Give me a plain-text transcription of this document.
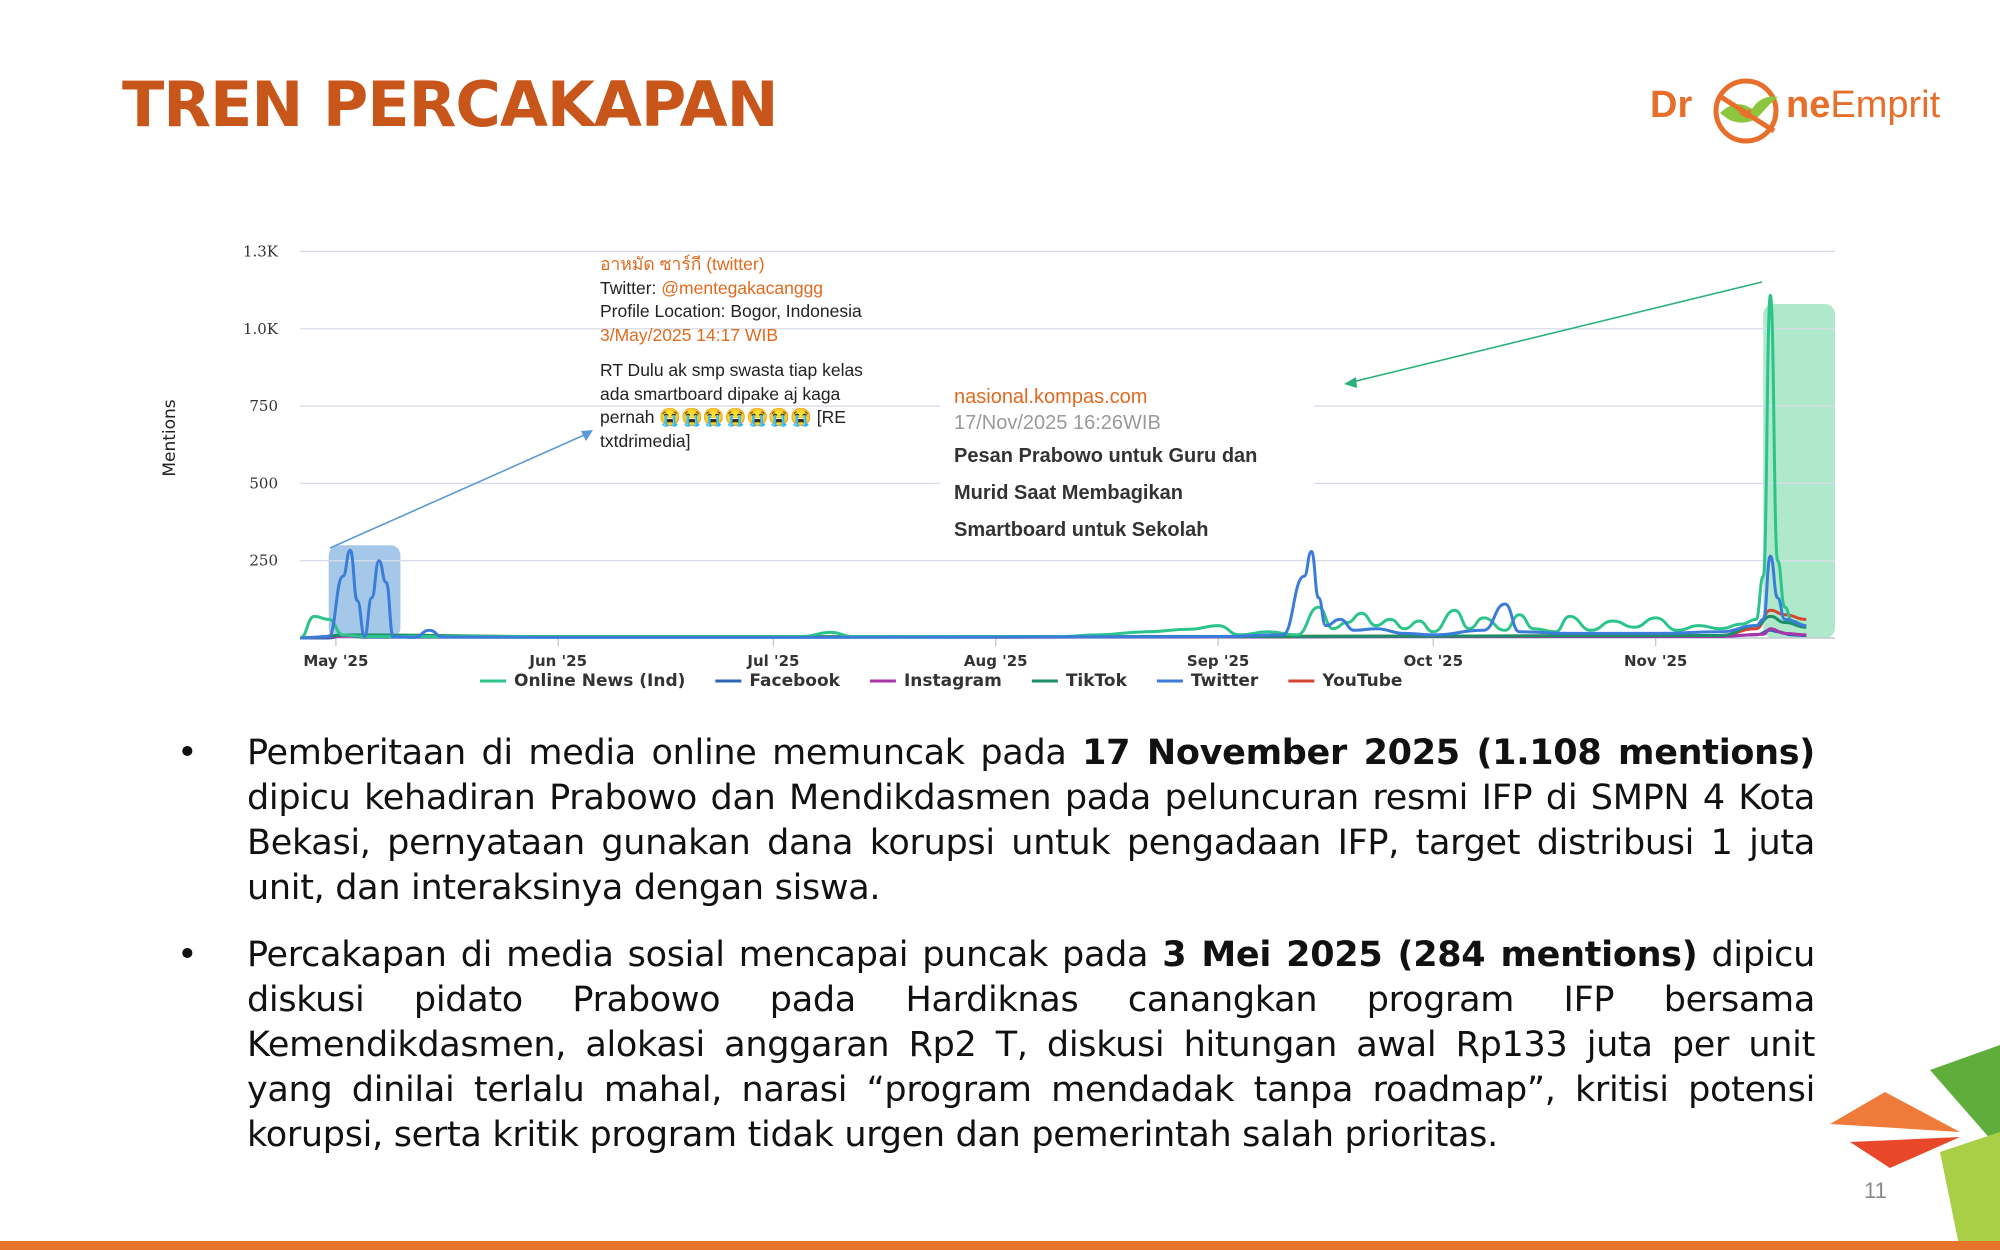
TREN PERCAKAPAN	Dr neEmprit
Mentions
250
500
750
1.0K
1.3K
May '25	Jun '25	Jul '25	Aug '25	Sep '25	Oct '25	Nov '25
Online News (Ind)	Facebook	Instagram	TikTok	Twitter	YouTube
อาหมัด ซาร์กี (twitter)
Twitter: @mentegakacanggg
Profile Location: Bogor, Indonesia
3/May/2025 14:17 WIB
RT Dulu ak smp swasta tiap kelas
ada smartboard dipake aj kaga
pernah 😭😭😭😭😭😭😭 [RE
txtdrimedia]
nasional.kompas.com
17/Nov/2025 16:26WIB
Pesan Prabowo untuk Guru dan
Murid Saat Membagikan
Smartboard untuk Sekolah
• Pemberitaan di media online memuncak pada 17 November 2025 (1.108 mentions) dipicu kehadiran Prabowo dan Mendikdasmen pada peluncuran resmi IFP di SMPN 4 Kota Bekasi, pernyataan gunakan dana korupsi untuk pengadaan IFP, target distribusi 1 juta unit, dan interaksinya dengan siswa.
• Percakapan di media sosial mencapai puncak pada 3 Mei 2025 (284 mentions) dipicu diskusi pidato Prabowo pada Hardiknas canangkan program IFP bersama Kemendikdasmen, alokasi anggaran Rp2 T, diskusi hitungan awal Rp133 juta per unit yang dinilai terlalu mahal, narasi “program mendadak tanpa roadmap”, kritisi potensi korupsi, serta kritik program tidak urgen dan pemerintah salah prioritas.
11
